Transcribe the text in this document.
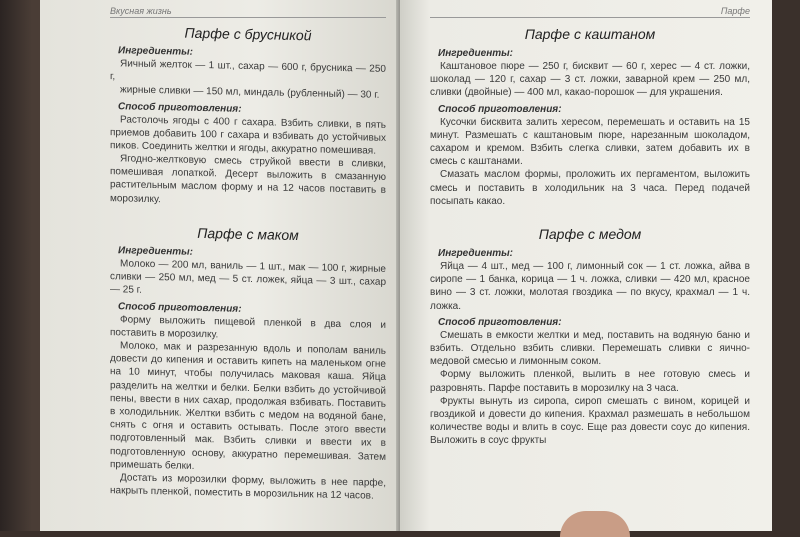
Вкусная жизнь
Парфе с брусникой
Ингредиенты:

Яичный желток — 1 шт., сахар — 600 г, брусника — 250 г,

жирные сливки — 150 мл, миндаль (рубленный) — 30 г.

Способ приготовления:

Растолочь ягоды с 400 г сахара. Взбить сливки, в пять приемов добавить 100 г сахара и взбивать до устойчивых пиков. Соединить желтки и ягоды, аккуратно помешивая.

Ягодно-желтковую смесь струйкой ввести в сливки, помешивая лопаткой. Десерт выложить в смазанную растительным маслом форму и на 12 часов поставить в морозилку.

Парфе с маком
Ингредиенты:

Молоко — 200 мл, ваниль — 1 шт., мак — 100 г, жирные сливки — 250 мл, мед — 5 ст. ложек, яйца — 3 шт., сахар — 25 г.

Способ приготовления:

Форму выложить пищевой пленкой в два слоя и поставить в морозилку.

Молоко, мак и разрезанную вдоль и пополам ваниль довести до кипения и оставить кипеть на маленьком огне на 10 минут, чтобы получилась маковая каша. Яйца разделить на желтки и белки. Белки взбить до устойчивой пены, ввести в них сахар, продолжая взбивать. Поставить в холодильник. Желтки взбить с медом на водяной бане, снять с огня и оставить остывать. После этого ввести подготовленный мак. Взбить сливки и ввести их в подготовленную основу, аккуратно перемешивая. Затем примешать белки.

Достать из морозилки форму, выложить в нее парфе, накрыть пленкой, поместить в морозильник на 12 часов.

Парфе
Парфе с каштаном
Ингредиенты:

Каштановое пюре — 250 г, бисквит — 60 г, херес — 4 ст. ложки, шоколад — 120 г, сахар — 3 ст. ложки, заварной крем — 250 мл, сливки (двойные) — 400 мл, какао-порошок — для украшения.

Способ приготовления:

Кусочки бисквита залить хересом, перемешать и оставить на 15 минут. Размешать с каштановым пюре, нарезанным шоколадом, сахаром и кремом. Взбить слегка сливки, затем добавить их в смесь с каштанами.

Смазать маслом формы, проложить их пергаментом, выложить смесь и поставить в холодильник на 3 часа. Перед подачей посыпать какао.

Парфе с медом
Ингредиенты:

Яйца — 4 шт., мед — 100 г, лимонный сок — 1 ст. ложка, айва в сиропе — 1 банка, корица — 1 ч. ложка, сливки — 420 мл, красное вино — 3 ст. ложки, молотая гвоздика — по вкусу, крахмал — 1 ч. ложка.

Способ приготовления:

Смешать в емкости желтки и мед, поставить на водяную баню и взбить. Отдельно взбить сливки. Перемешать сливки с яично-медовой смесью и лимонным соком.

Форму выложить пленкой, вылить в нее готовую смесь и разровнять. Парфе поставить в морозилку на 3 часа.

Фрукты вынуть из сиропа, сироп смешать с вином, корицей и гвоздикой и довести до кипения. Крахмал размешать в небольшом количестве воды и влить в соус. Еще раз довести соус до кипения. Выложить в соус фрукты
